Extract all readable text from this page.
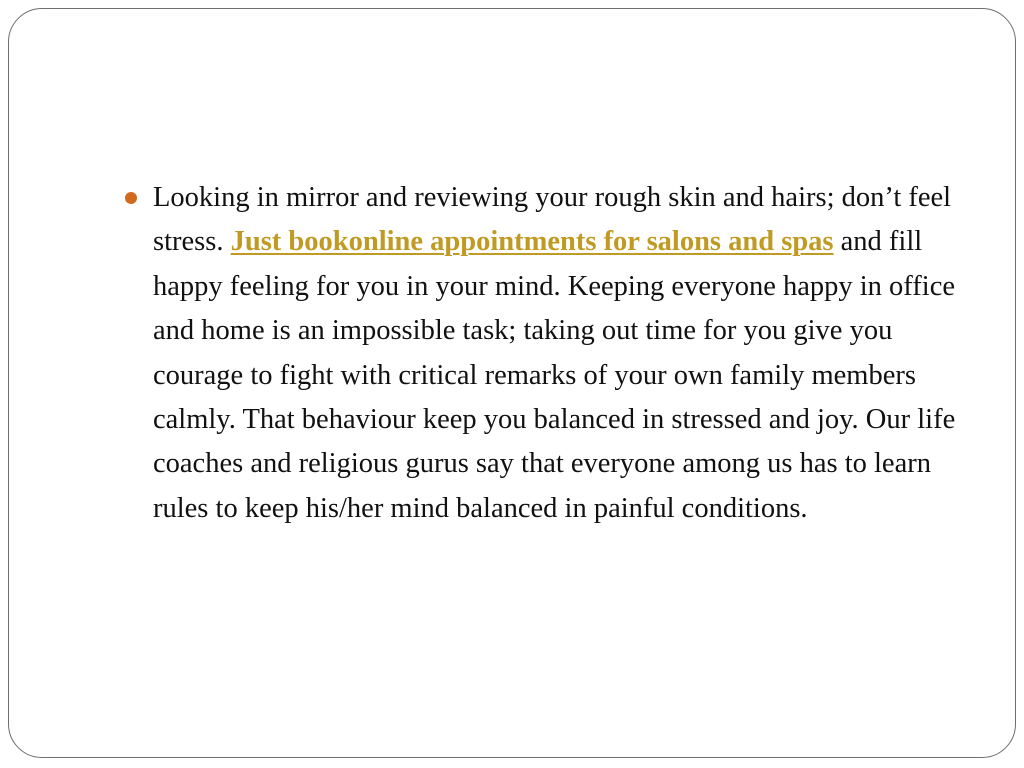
Looking in mirror and reviewing your rough skin and hairs; don’t feel stress. Just bookonline appointments for salons and spas and fill happy feeling for you in your mind. Keeping everyone happy in office and home is an impossible task; taking out time for you give you courage to fight with critical remarks of your own family members calmly. That behaviour keep you balanced in stressed and joy. Our life coaches and religious gurus say that everyone among us has to learn rules to keep his/her mind balanced in painful conditions.
